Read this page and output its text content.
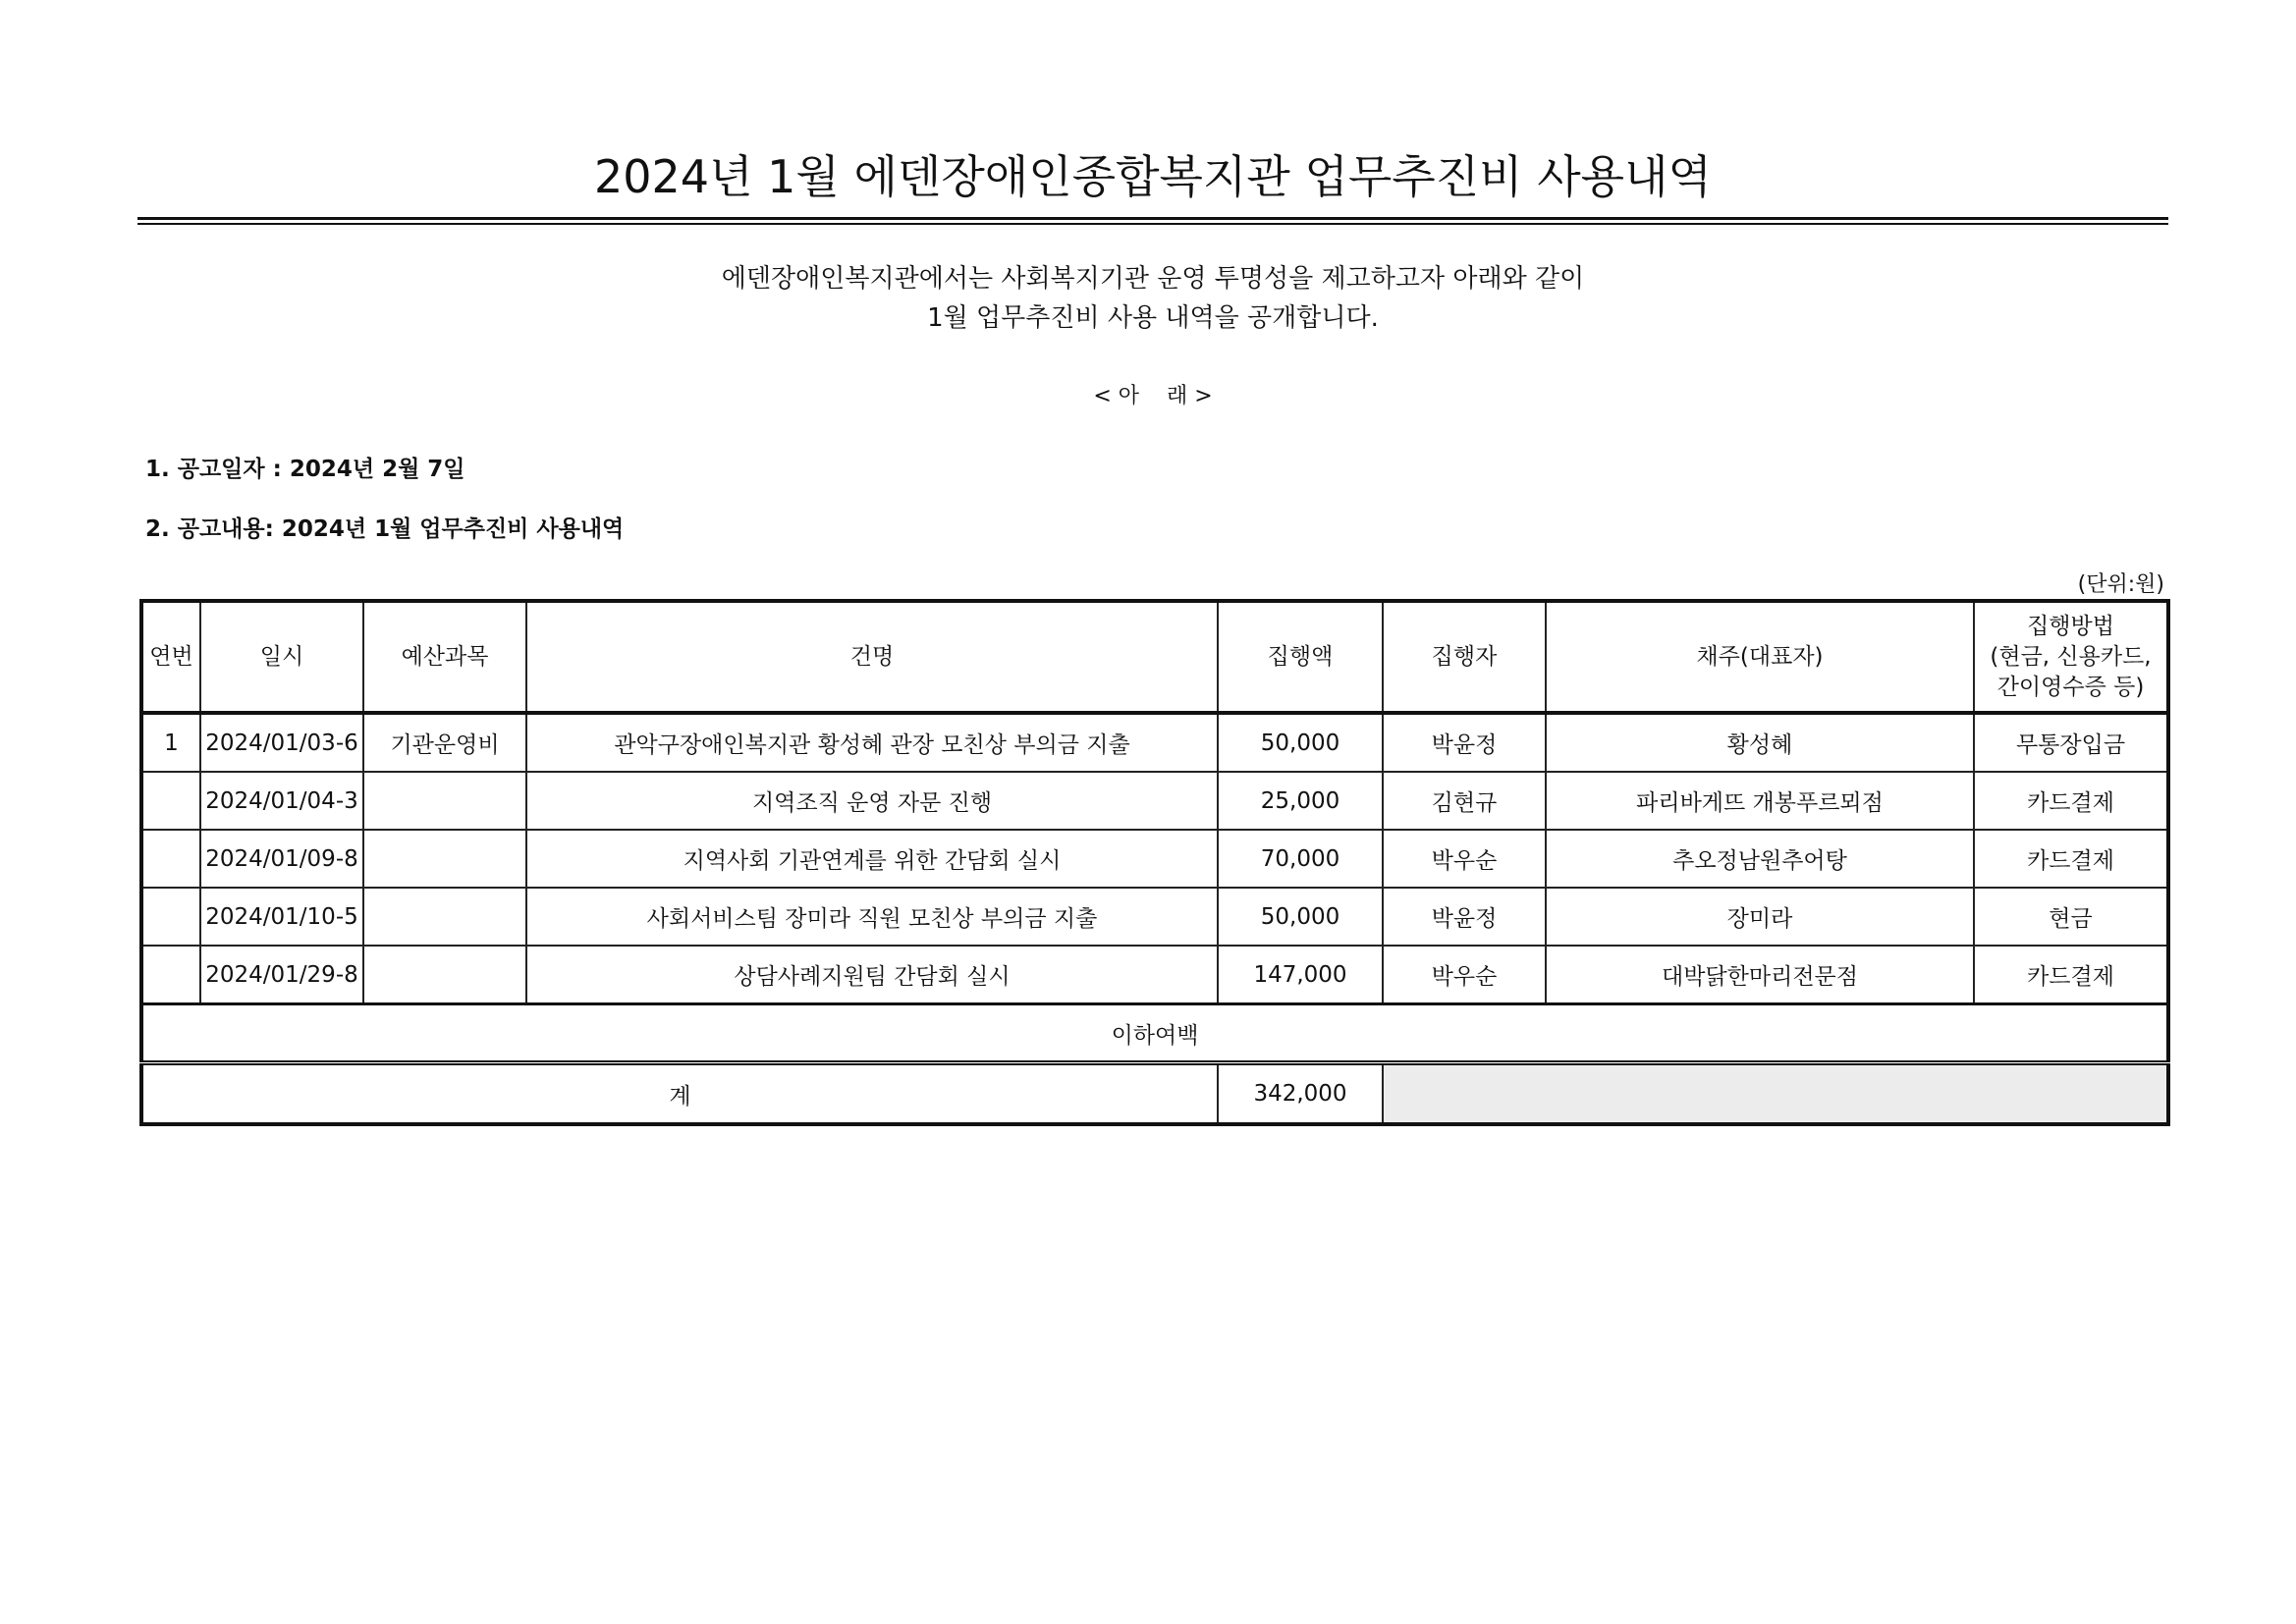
2024년 1월 에덴장애인종합복지관 업무추진비 사용내역
에덴장애인복지관에서는 사회복지기관 운영 투명성을 제고하고자 아래와 같이
1월 업무추진비 사용 내역을 공개합니다.
< 아    래 >
1. 공고일자 : 2024년 2월 7일
2. 공고내용: 2024년 1월 업무추진비 사용내역
(단위:원)
연번	일시	예산과목	건명	집행액	집행자	채주(대표자)	집행방법
(현금, 신용카드,
간이영수증 등)

1	2024/01/03-6	기관운영비	관악구장애인복지관 황성혜 관장 모친상 부의금 지출	50,000	박윤정	황성혜	무통장입금
	2024/01/04-3		지역조직 운영 자문 진행	25,000	김현규	파리바게뜨 개봉푸르뫼점	카드결제
	2024/01/09-8		지역사회 기관연계를 위한 간담회 실시	70,000	박우순	추오정남원추어탕	카드결제
	2024/01/10-5		사회서비스팀 장미라 직원 모친상 부의금 지출	50,000	박윤정	장미라	현금
	2024/01/29-8		상담사례지원팀 간담회 실시	147,000	박우순	대박닭한마리전문점	카드결제
이하여백							
계				342,000			
